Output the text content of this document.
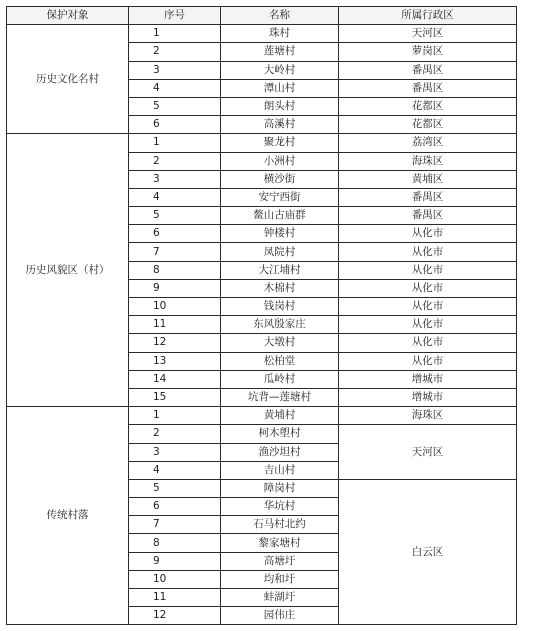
保护对象	序号	名称	所属行政区
历史文化名村	1	珠村	天河区
	2	莲塘村	萝岗区
	3	大岭村	番禺区
	4	潭山村	番禺区
	5	朗头村	花都区
	6	高溪村	花都区
历史风貌区（村）	1	聚龙村	荔湾区
	2	小洲村	海珠区
	3	横沙街	黄埔区
	4	安宁西街	番禺区
	5	鳌山古庙群	番禺区
	6	钟楼村	从化市
	7	凤院村	从化市
	8	大江埔村	从化市
	9	木棉村	从化市
	10	钱岗村	从化市
	11	东风殷家庄	从化市
	12	大墩村	从化市
	13	松柏堂	从化市
	14	瓜岭村	增城市
	15	坑背—莲塘村	增城市
传统村落	1	黄埔村	海珠区
	2	柯木塱村	天河区
	3	渔沙坦村	
	4	吉山村	
	5	障岗村	白云区
	6	华坑村	
	7	石马村北约	
	8	黎家塘村	
	9	高塘圩	
	10	均和圩	
	11	蚌湖圩	
	12	园伟庄	
